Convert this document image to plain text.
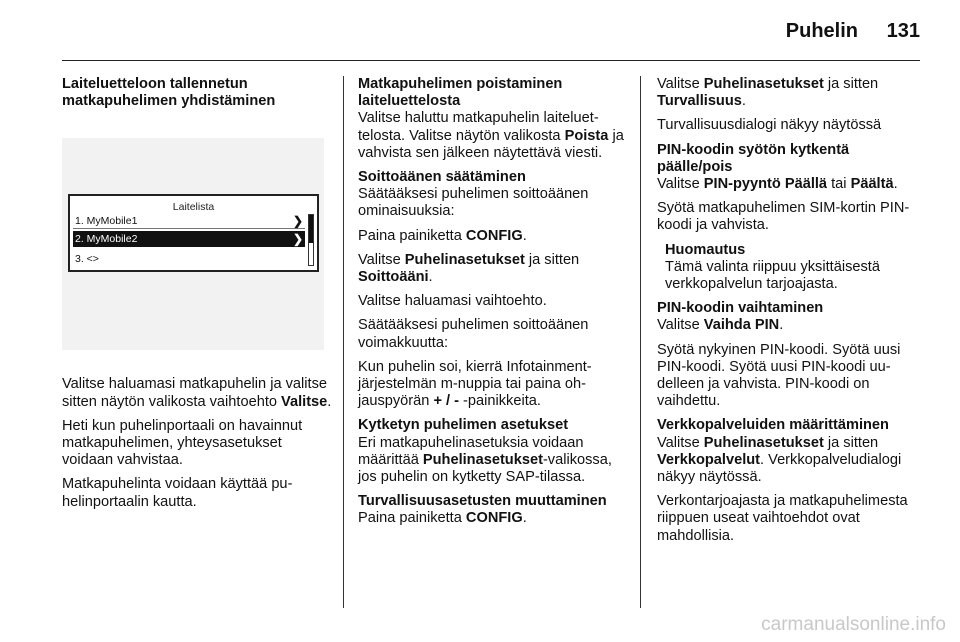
Puhelin 131
Laiteluetteloon tallennetun matkapuhelimen yhdistäminen
Laitelista
1. MyMobile1	❯
2. MyMobile2	❯
3. <>
Valitse haluamasi matkapuhelin ja valitse sitten näytön valikosta vaihtoehto Valitse.
Heti kun puhelinportaali on havainnut matkapuhelimen, yhteysasetukset voidaan vahvistaa.
Matkapuhelinta voidaan käyttää puhelinportaalin kautta.
Matkapuhelimen poistaminen laiteluettelosta
Valitse haluttu matkapuhelin laiteluettelosta. Valitse näytön valikosta Poista ja vahvista sen jälkeen näytettävä viesti.
Soittoäänen säätäminen
Säätääksesi puhelimen soittoäänen ominaisuuksia:
Paina painiketta CONFIG.
Valitse Puhelinasetukset ja sitten Soittoääni.
Valitse haluamasi vaihtoehto.
Säätääksesi puhelimen soittoäänen voimakkuutta:
Kun puhelin soi, kierrä Infotainment-järjestelmän m-nuppia tai paina ohjauspyörän + / - -painikkeita.
Kytketyn puhelimen asetukset
Eri matkapuhelinasetuksia voidaan määrittää Puhelinasetukset-valikossa, jos puhelin on kytketty SAP-tilassa.
Turvallisuusasetusten muuttaminen
Paina painiketta CONFIG.
Valitse Puhelinasetukset ja sitten Turvallisuus.
Turvallisuusdialogi näkyy näytössä
PIN-koodin syötön kytkentä päälle/pois
Valitse PIN-pyyntö Päällä tai Päältä.
Syötä matkapuhelimen SIM-kortin PIN-koodi ja vahvista.
Huomautus
Tämä valinta riippuu yksittäisestä verkkopalvelun tarjoajasta.
PIN-koodin vaihtaminen
Valitse Vaihda PIN.
Syötä nykyinen PIN-koodi. Syötä uusi PIN-koodi. Syötä uusi PIN-koodi uudelleen ja vahvista. PIN-koodi on vaihdettu.
Verkkopalveluiden määrittäminen
Valitse Puhelinasetukset ja sitten Verkkopalvelut. Verkkopalveludialogi näkyy näytössä.
Verkontarjoajasta ja matkapuhelimesta riippuen useat vaihtoehdot ovat mahdollisia.
carmanualsonline.info
